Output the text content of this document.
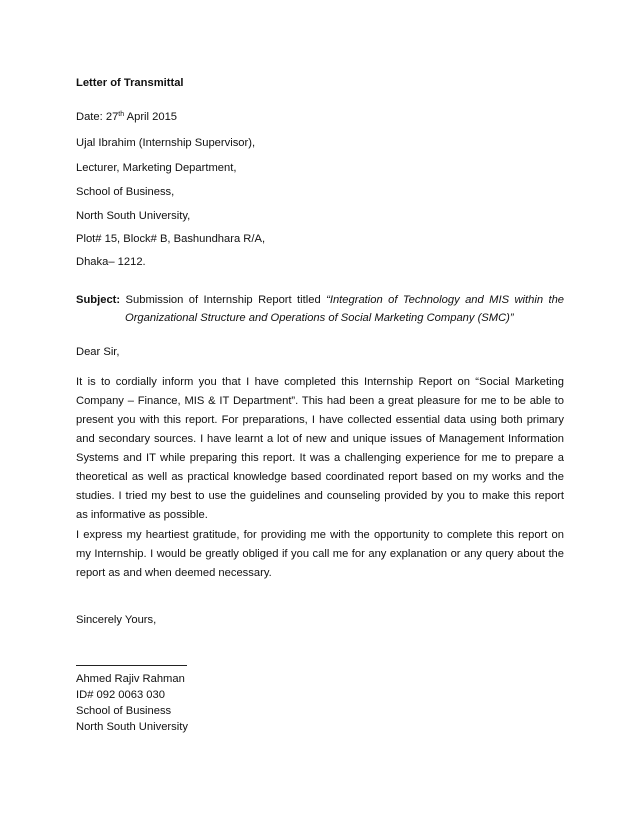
Letter of Transmittal
Date: 27th April 2015
Ujal Ibrahim (Internship Supervisor),
Lecturer, Marketing Department,
School of Business,
North South University,
Plot# 15, Block# B, Bashundhara R/A,
Dhaka– 1212.
Subject: Submission of Internship Report titled “Integration of Technology and MIS within the
Organizational Structure and Operations of Social Marketing Company (SMC)”
Dear Sir,

It is to cordially inform you that I have completed this Internship Report on “Social Marketing Company – Finance, MIS & IT Department”. This had been a great pleasure for me to be able to present you with this report. For preparations, I have collected essential data using both primary and secondary sources. I have learnt a lot of new and unique issues of Management Information Systems and IT while preparing this report. It was a challenging experience for me to prepare a theoretical as well as practical knowledge based coordinated report based on my works and the studies. I tried my best to use the guidelines and counseling provided by you to make this report as informative as possible.

I express my heartiest gratitude, for providing me with the opportunity to complete this report on my Internship. I would be greatly obliged if you call me for any explanation or any query about the report as and when deemed necessary.

Sincerely Yours,
Ahmed Rajiv Rahman
ID# 092 0063 030
School of Business
North South University
